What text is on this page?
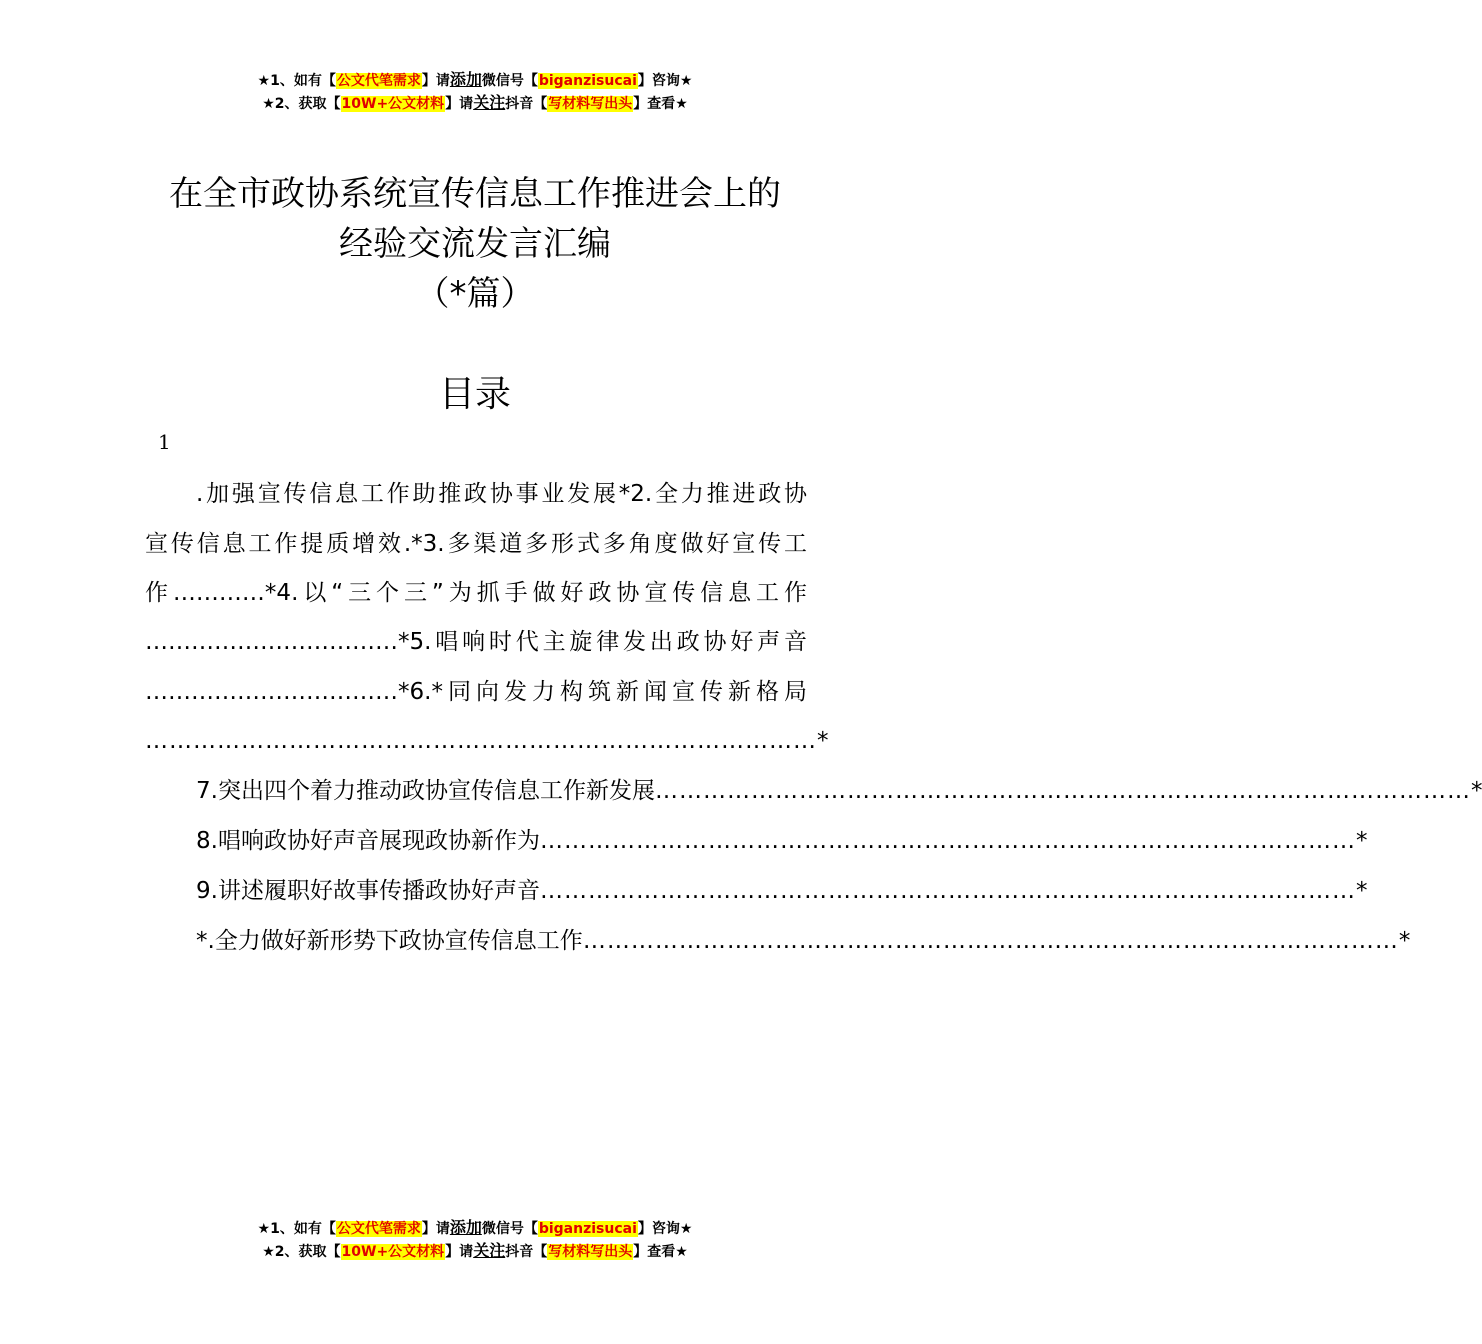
★1、如有【公文代笔需求】请添加微信号【biganzisucai】咨询★
★2、获取【10W+公文材料】请关注抖音【写材料写出头】查看★
在全市政协系统宣传信息工作推进会上的
经验交流发言汇编
（*篇）
目录
1
.加强宣传信息工作助推政协事业发展*2.全力推进政协
宣传信息工作提质增效.*3.多渠道多形式多角度做好宣传工
作…………*4.以“三个三”为抓手做好政协宣传信息工作
……………………………*5.唱响时代主旋律发出政协好声音
……………………………*6.*同向发力构筑新闻宣传新格局
………………………………………………………………………… *
7.突出四个着力推动政协宣传信息工作新发展 ………………………………………………………………………………………… *
8.唱响政协好声音展现政协新作为 ………………………………………………………………………………………… *
9.讲述履职好故事传播政协好声音 ………………………………………………………………………………………… *
*.全力做好新形势下政协宣传信息工作 ………………………………………………………………………………………… *
★1、如有【公文代笔需求】请添加微信号【biganzisucai】咨询★
★2、获取【10W+公文材料】请关注抖音【写材料写出头】查看★
